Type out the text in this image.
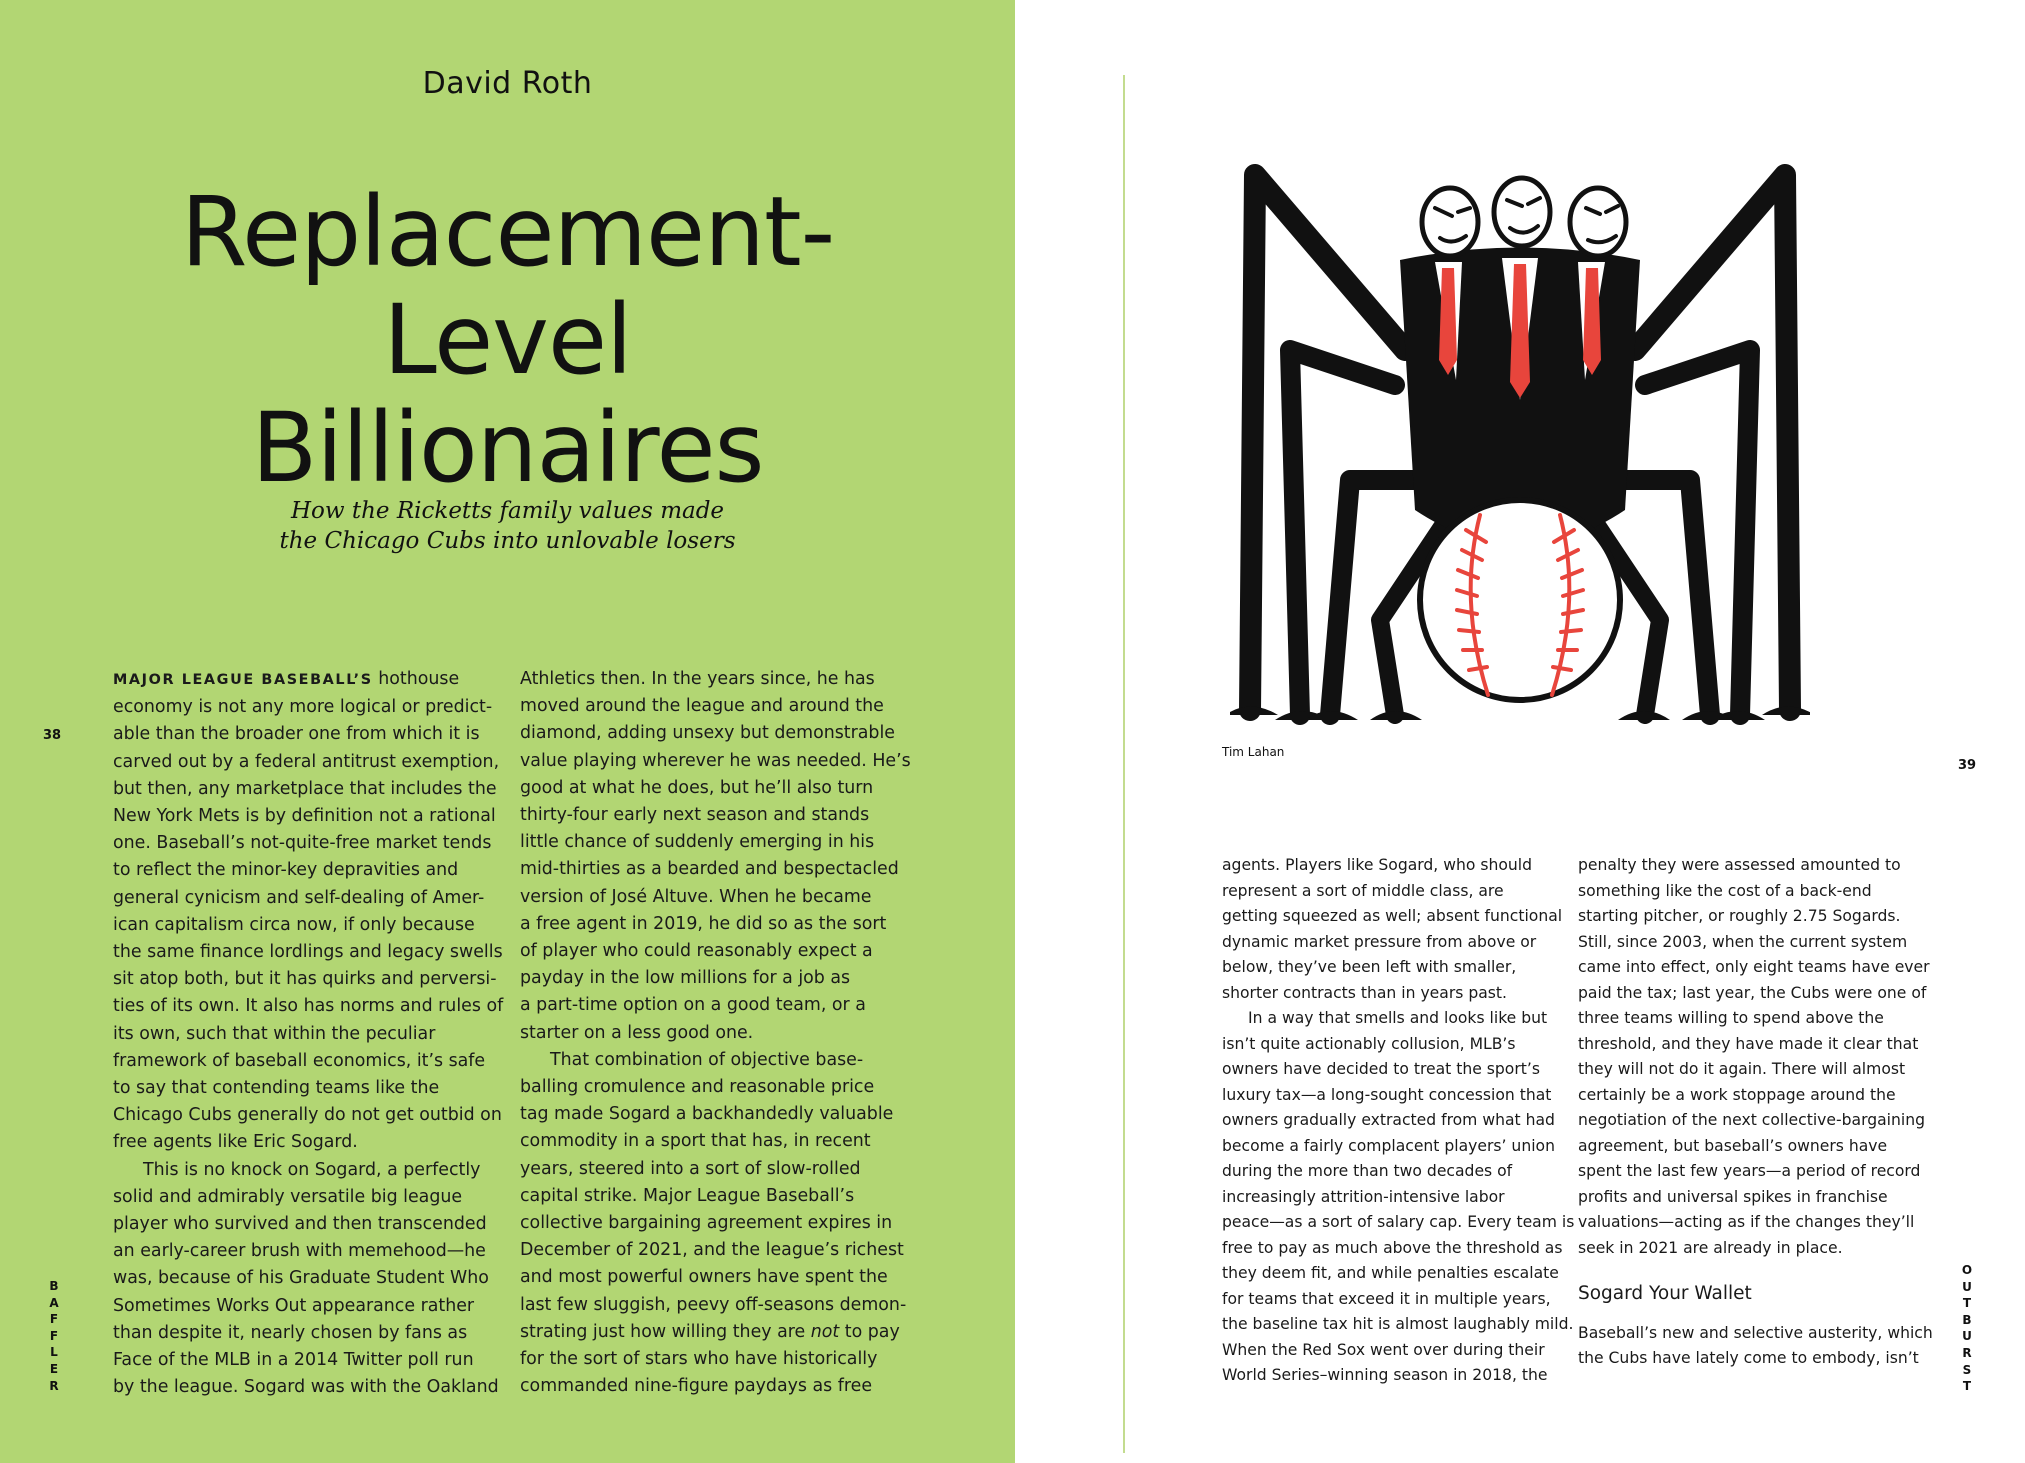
David Roth
Replacement-
Level
Billionaires
How the Ricketts family values made
the Chicago Cubs into unlovable losers
38
B
A
F
F
L
E
R
MAJOR LEAGUE BASEBALL’S hothouse
economy is not any more logical or predict-
able than the broader one from which it is
carved out by a federal antitrust exemption,
but then, any marketplace that includes the
New York Mets is by definition not a rational
one. Baseball’s not-quite-free market tends
to reflect the minor-key depravities and
general cynicism and self-dealing of Amer-
ican capitalism circa now, if only because
the same finance lordlings and legacy swells
sit atop both, but it has quirks and perversi-
ties of its own. It also has norms and rules of
its own, such that within the peculiar
framework of baseball economics, it’s safe
to say that contending teams like the
Chicago Cubs generally do not get outbid on
free agents like Eric Sogard.
This is no knock on Sogard, a perfectly
solid and admirably versatile big league
player who survived and then transcended
an early-career brush with memehood—he
was, because of his Graduate Student Who
Sometimes Works Out appearance rather
than despite it, nearly chosen by fans as
Face of the MLB in a 2014 Twitter poll run
by the league. Sogard was with the Oakland
Athletics then. In the years since, he has
moved around the league and around the
diamond, adding unsexy but demonstrable
value playing wherever he was needed. He’s
good at what he does, but he’ll also turn
thirty-four early next season and stands
little chance of suddenly emerging in his
mid-thirties as a bearded and bespectacled
version of José Altuve. When he became
a free agent in 2019, he did so as the sort
of player who could reasonably expect a
payday in the low millions for a job as
a part-time option on a good team, or a
starter on a less good one.
That combination of objective base-
balling cromulence and reasonable price
tag made Sogard a backhandedly valuable
commodity in a sport that has, in recent
years, steered into a sort of slow-rolled
capital strike. Major League Baseball’s
collective bargaining agreement expires in
December of 2021, and the league’s richest
and most powerful owners have spent the
last few sluggish, peevy off-seasons demon-
strating just how willing they are not to pay
for the sort of stars who have historically
commanded nine-figure paydays as free
Tim Lahan
39
O
U
T
B
U
R
S
T
agents. Players like Sogard, who should
represent a sort of middle class, are
getting squeezed as well; absent functional
dynamic market pressure from above or
below, they’ve been left with smaller,
shorter contracts than in years past.
In a way that smells and looks like but
isn’t quite actionably collusion, MLB’s
owners have decided to treat the sport’s
luxury tax—a long-sought concession that
owners gradually extracted from what had
become a fairly complacent players’ union
during the more than two decades of
increasingly attrition-intensive labor
peace—as a sort of salary cap. Every team is
free to pay as much above the threshold as
they deem fit, and while penalties escalate
for teams that exceed it in multiple years,
the baseline tax hit is almost laughably mild.
When the Red Sox went over during their
World Series–winning season in 2018, the
penalty they were assessed amounted to
something like the cost of a back-end
starting pitcher, or roughly 2.75 Sogards.
Still, since 2003, when the current system
came into effect, only eight teams have ever
paid the tax; last year, the Cubs were one of
three teams willing to spend above the
threshold, and they have made it clear that
they will not do it again. There will almost
certainly be a work stoppage around the
negotiation of the next collective-bargaining
agreement, but baseball’s owners have
spent the last few years—a period of record
profits and universal spikes in franchise
valuations—acting as if the changes they’ll
seek in 2021 are already in place.
Sogard Your Wallet
Baseball’s new and selective austerity, which
the Cubs have lately come to embody, isn’t
